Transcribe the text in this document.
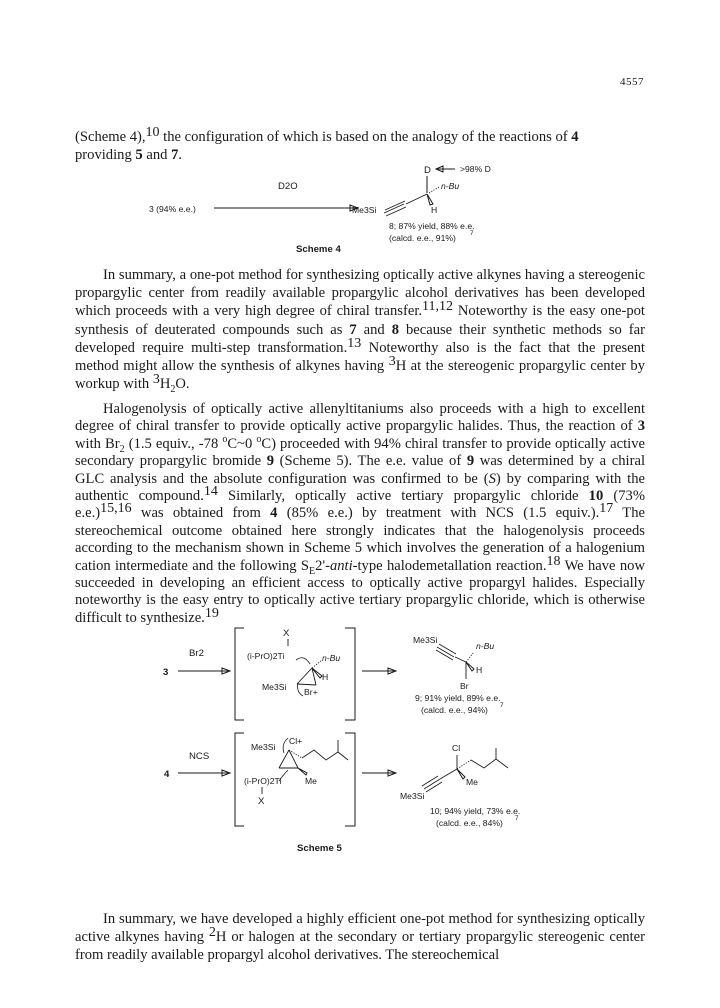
4557

(Scheme 4),10 the configuration of which is based on the analogy of the reactions of 4

providing 5 and 7.

In summary, a one-pot method for synthesizing optically active alkynes having a stereogenic propargylic center from readily available propargylic alcohol derivatives has been developed which proceeds with a very high degree of chiral transfer.11,12 Noteworthy is the easy one-pot synthesis of deuterated compounds such as 7 and 8 because their synthetic methods so far developed require multi-step transformation.13 Noteworthy also is the fact that the present method might allow the synthesis of alkynes having 3H at the stereogenic propargylic center by workup with $3H_2O$.

Halogenolysis of optically active allenyltitaniums also proceeds with a high to excellent degree of chiral transfer to provide optically active propargylic halides. Thus, the reaction of 3 with $Br_2$ (1.5 equiv., -78 $^o$C~0 $^o$C) proceeded with 94% chiral transfer to provide optically active secondary propargylic bromide 9 (Scheme 5). The e.e. value of 9 was determined by a chiral GLC analysis and the absolute configuration was confirmed to be (S) by comparing with the authentic compound.14 Similarly, optically active tertiary propargylic chloride 10 (73% e.e.)15,16 was obtained from 4 (85% e.e.) by treatment with NCS (1.5 equiv.).17 The stereochemical outcome obtained here strongly indicates that the halogenolysis proceeds according to the mechanism shown in Scheme 5 which involves the generation of a halogenium cation intermediate and the following $S_E2'-anti$-type halodemetallation reaction.18 We have now succeeded in developing an efficient access to optically active propargyl halides. Especially noteworthy is the easy entry to optically active tertiary propargylic chloride, which is otherwise difficult to synthesize.19

In summary, we have developed a highly efficient one-pot method for synthesizing optically active alkynes having 2H or halogen at the secondary or tertiary propargylic stereogenic center from readily available propargyl alcohol derivatives. The stereochemical

3 (94% e.e.)
D2O
D	>98% D
n-Bu
Me3Si	H
8; 87% yield, 88% e.e.
(calcd. e.e., 91%) 7
Scheme 4
3
Br2
X
(i-PrO)2Ti	n-Bu
H
Me3Si Br+
Me3Si
n-Bu
H
Br
9; 91% yield, 89% e.e.
(calcd. e.e., 94%) 7
4
NCS
Me3Si
Cl+
Me
(i-PrO)2Ti
X
Cl
Me
Me3Si
10; 94% yield, 73% e.e.
(calcd. e.e., 84%) 7
Scheme 5
